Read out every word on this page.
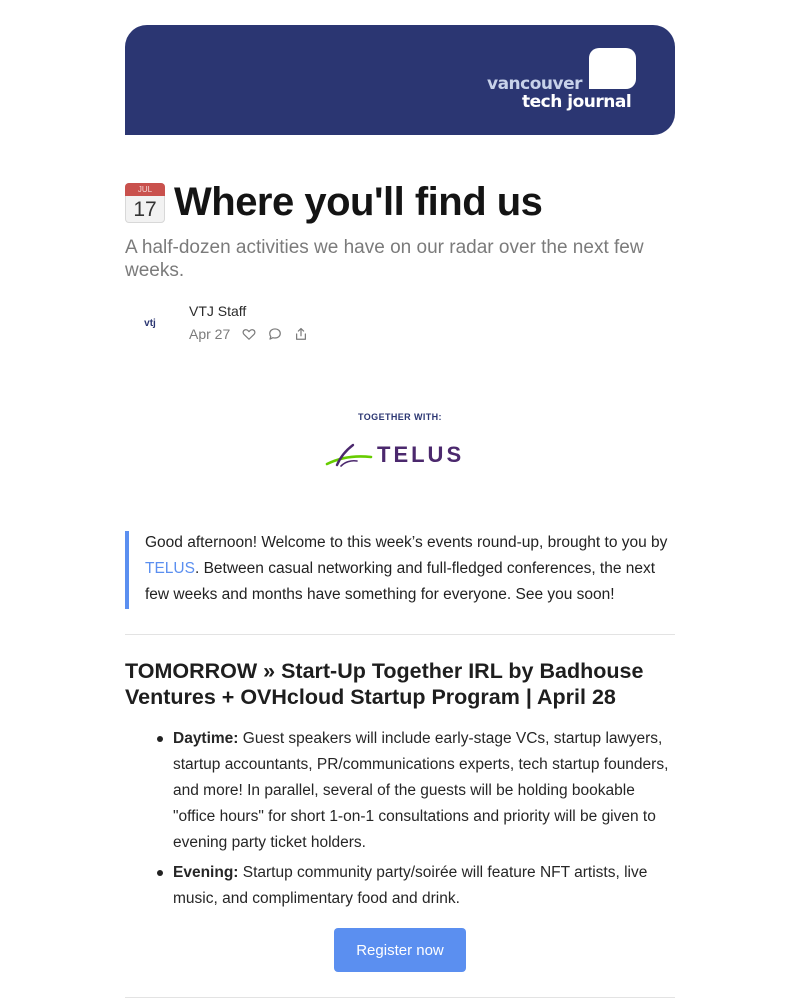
vancouver
tech journal
JUL
17 Where you'll find us
A half-dozen activities we have on our radar over the next few weeks.
vtj
VTJ Staff
Apr 27
TOGETHER WITH:
TELUS

Good afternoon! Welcome to this week’s events round-up, brought to you by TELUS. Between casual networking and full-fledged conferences, the next few weeks and months have something for everyone. See you soon!

TOMORROW » Start-Up Together IRL by Badhouse Ventures + OVHcloud Startup Program | April 28
Daytime: Guest speakers will include early-stage VCs, startup lawyers, startup accountants, PR/communications experts, tech startup founders, and more! In parallel, several of the guests will be holding bookable "office hours" for short 1-on-1 consultations and priority will be given to evening party ticket holders.
Evening: Startup community party/soirée will feature NFT artists, live music, and complimentary food and drink.
Register now
